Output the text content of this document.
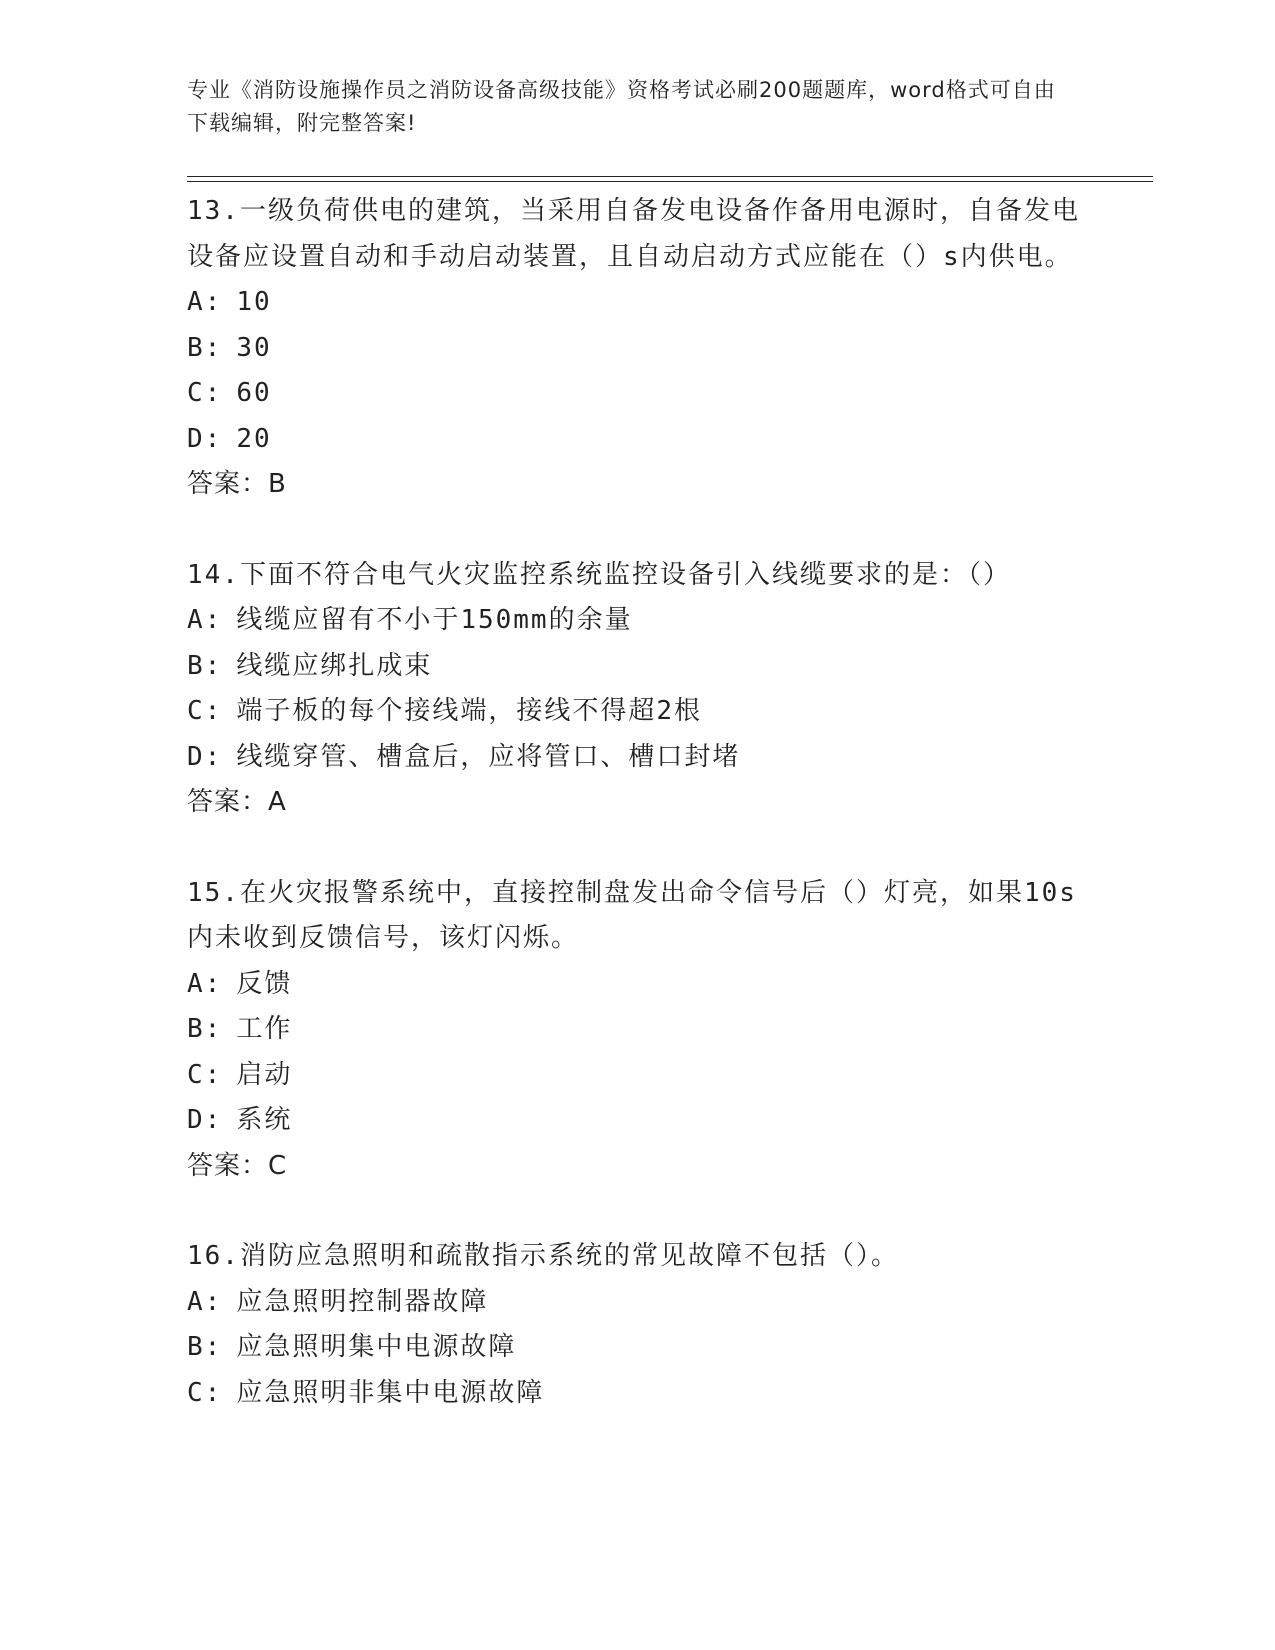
专业《消防设施操作员之消防设备高级技能》资格考试必刷200题题库，word格式可自由下载编辑，附完整答案!

13.一级负荷供电的建筑，当采用自备发电设备作备用电源时，自备发电设备应设置自动和手动启动装置，且自动启动方式应能在（）s内供电。

A: 10

B: 30

C: 60

D: 20

答案：B

14.下面不符合电气火灾监控系统监控设备引入线缆要求的是：（）

A: 线缆应留有不小于150mm的余量

B: 线缆应绑扎成束

C: 端子板的每个接线端，接线不得超2根

D: 线缆穿管、槽盒后，应将管口、槽口封堵

答案：A

15.在火灾报警系统中，直接控制盘发出命令信号后（）灯亮，如果10s内未收到反馈信号，该灯闪烁。

A: 反馈

B: 工作

C: 启动

D: 系统

答案：C

16.消防应急照明和疏散指示系统的常见故障不包括（）。

A: 应急照明控制器故障

B: 应急照明集中电源故障

C: 应急照明非集中电源故障
